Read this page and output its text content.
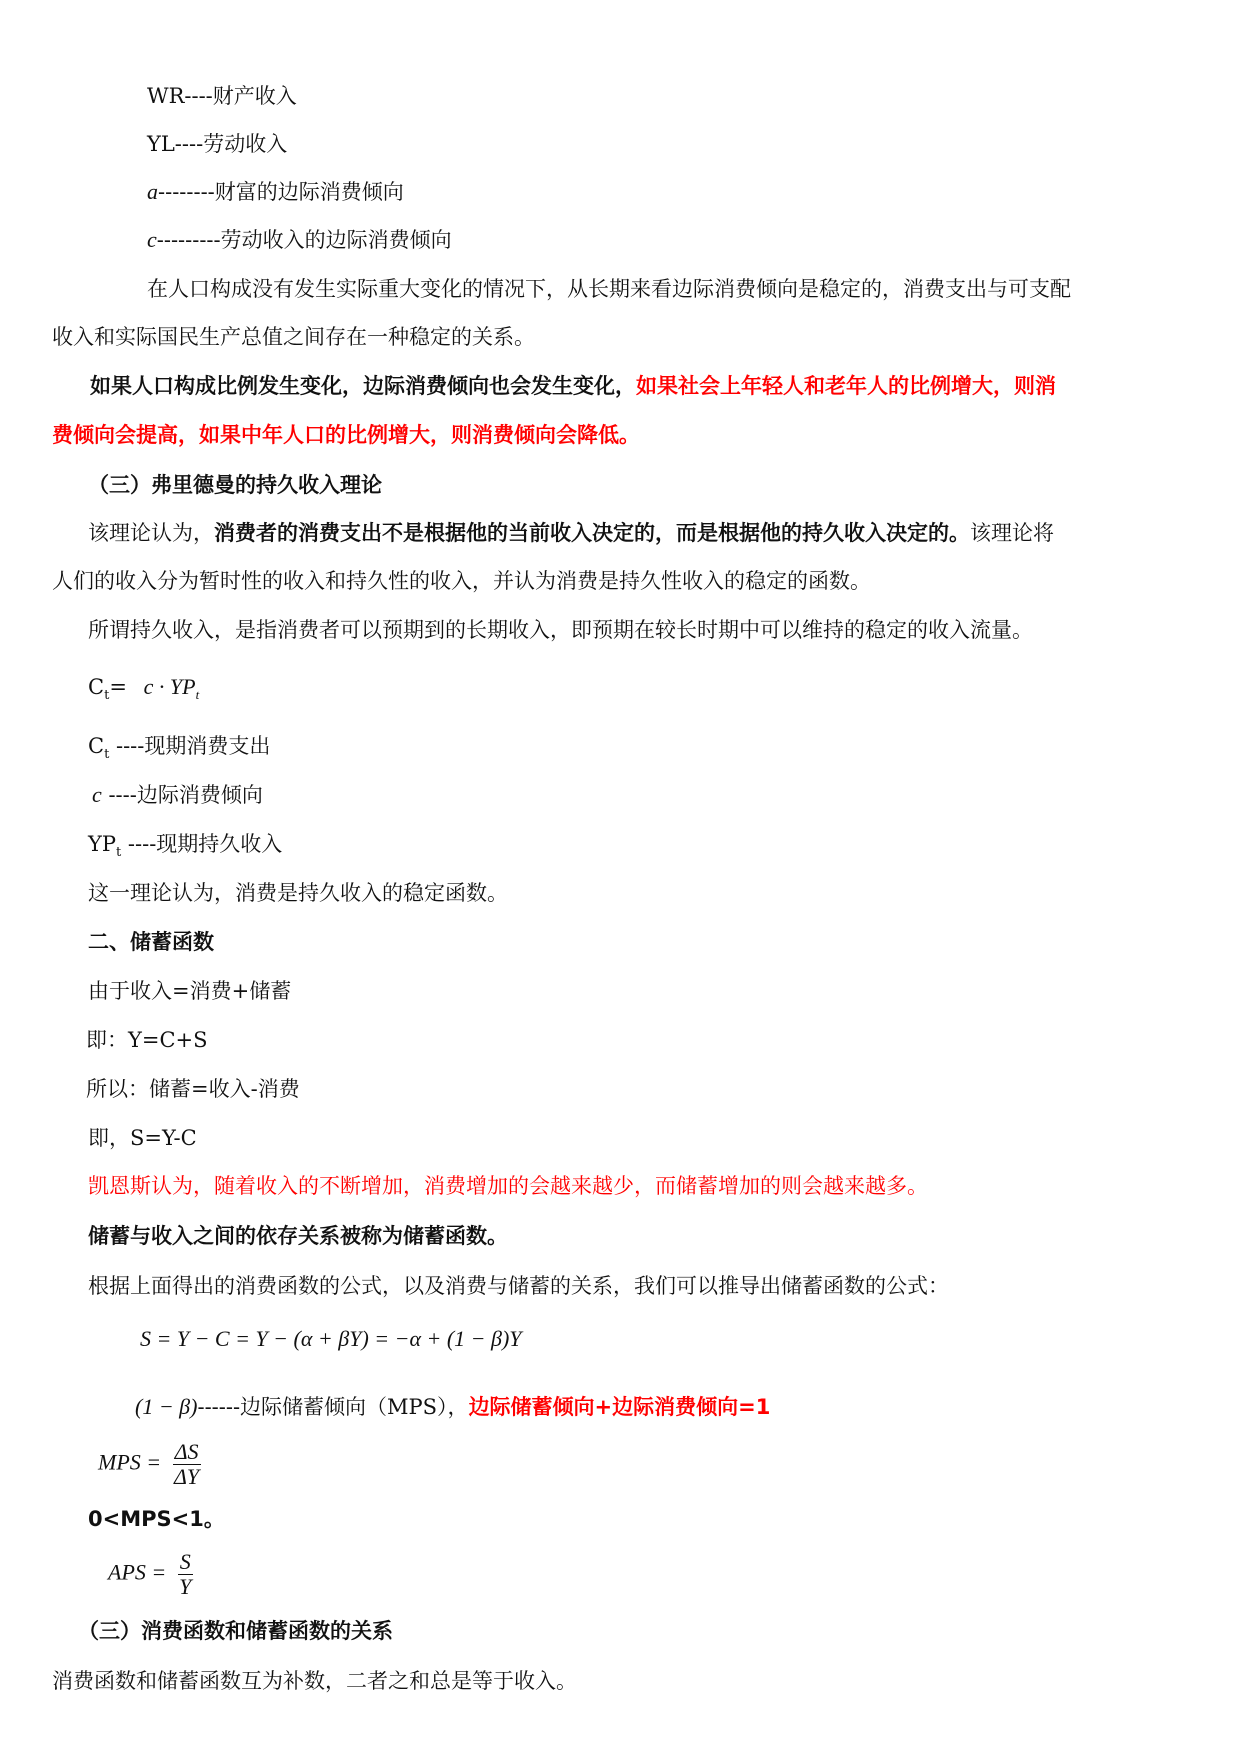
WR----财产收入
YL----劳动收入
a--------财富的边际消费倾向
c---------劳动收入的边际消费倾向
在人口构成没有发生实际重大变化的情况下，从长期来看边际消费倾向是稳定的，消费支出与可支配
收入和实际国民生产总值之间存在一种稳定的关系。
如果人口构成比例发生变化，边际消费倾向也会发生变化，如果社会上年轻人和老年人的比例增大，则消
费倾向会提高，如果中年人口的比例增大，则消费倾向会降低。
（三）弗里德曼的持久收入理论
该理论认为，消费者的消费支出不是根据他的当前收入决定的，而是根据他的持久收入决定的。该理论将
人们的收入分为暂时性的收入和持久性的收入，并认为消费是持久性收入的稳定的函数。
所谓持久收入，是指消费者可以预期到的长期收入，即预期在较长时期中可以维持的稳定的收入流量。
$C_t= c \cdot YP_t$
$C_t$ ----现期消费支出
c ----边际消费倾向
$YP_t$ ----现期持久收入
这一理论认为，消费是持久收入的稳定函数。
二、储蓄函数
由于收入=消费+储蓄
即：Y=C+S
所以：储蓄=收入-消费
即，S=Y-C
凯恩斯认为，随着收入的不断增加，消费增加的会越来越少，而储蓄增加的则会越来越多。
储蓄与收入之间的依存关系被称为储蓄函数。
根据上面得出的消费函数的公式，以及消费与储蓄的关系，我们可以推导出储蓄函数的公式：
S = Y − C = Y − (α + βY) = −α + (1 − β)Y
(1 − β)------边际储蓄倾向（MPS），边际储蓄倾向+边际消费倾向=1
MPS = $\frac{\Delta S}{\Delta Y}$
0<MPS<1。
APS = $\frac{S}{Y}$
（三）消费函数和储蓄函数的关系
消费函数和储蓄函数互为补数，二者之和总是等于收入。
